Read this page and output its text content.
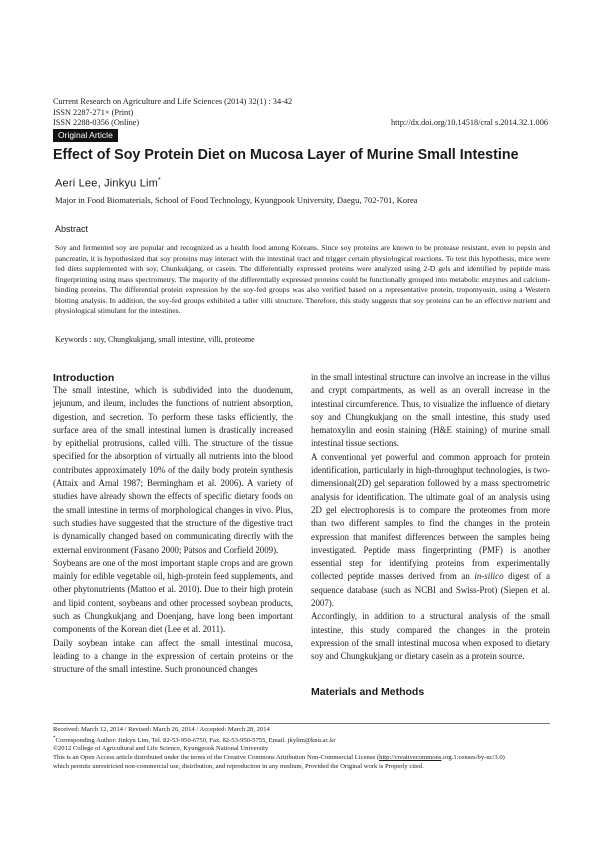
Current Research on Agriculture and Life Sciences (2014) 32(1) : 34-42
ISSN 2287-271× (Print)
ISSN 2288-0356 (Online)	http://dx.doi.org/10.14518/cral s.2014.32.1.006
Original Article
Effect of Soy Protein Diet on Mucosa Layer of Murine Small Intestine
Aeri Lee, Jinkyu Lim*
Major in Food Biomaterials, School of Food Technology, Kyungpook University, Daegu, 702-701, Korea
Abstract
Soy and fermented soy are popular and recognized as a health food among Koreans. Since soy proteins are known to be protease resistant, even to pepsin and pancreatin, it is hypothesized that soy proteins may interact with the intestinal tract and trigger certain physiological reactions. To test this hypothesis, mice were fed diets supplemented with soy, Chunkukjang, or casein. The differentially expressed proteins were analyzed using 2-D gels and identified by peptide mass fingerprinting using mass spectrometry. The majority of the differentially expressed proteins could be functionally grouped into metabolic enzymes and calcium-binding proteins. The differential protein expression by the soy-fed groups was also verified based on a representative protein, tropomyosin, using a Western blotting analysis. In addition, the soy-fed groups exhibited a taller villi structure. Therefore, this study suggests that soy proteins can be an effective nutrient and physiological stimulant for the intestines.
Keywords : soy, Chungkukjang, small intestine, villi, proteome
Introduction

The small intestine, which is subdivided into the duodenum, jejunum, and ileum, includes the functions of nutrient absorption, digestion, and secretion. To perform these tasks efficiently, the surface area of the small intestinal lumen is drastically increased by epithelial protrusions, called villi. The structure of the tissue specified for the absorption of virtually all nutrients into the blood contributes approximately 10% of the daily body protein synthesis (Attaix and Arnal 1987; Bermingham et al. 2006). A variety of studies have already shown the effects of specific dietary foods on the small intestine in terms of morphological changes in vivo. Plus, such studies have suggested that the structure of the digestive tract is dynamically changed based on communicating directly with the external environment (Fasano 2000; Patsos and Corfield 2009).

Soybeans are one of the most important staple crops and are grown mainly for edible vegetable oil, high-protein feed supplements, and other phytonutrients (Mattoo et al. 2010). Due to their high protein and lipid content, soybeans and other processed soybean products, such as Chungkukjang and Doenjang, have long been important components of the Korean diet (Lee et al. 2011).

Daily soybean intake can affect the small intestinal mucosa, leading to a change in the expression of certain proteins or the structure of the small intestine. Such pronounced changes

in the small intestinal structure can involve an increase in the villus and crypt compartments, as well as an overall increase in the intestinal circumference. Thus, to visualize the influence of dietary soy and Chungkukjang on the small intestine, this study used hematoxylin and eosin staining (H&E staining) of murine small intestinal tissue sections.

A conventional yet powerful and common approach for protein identification, particularly in high-throughput technologies, is two-dimensional(2D) gel separation followed by a mass spectrometric analysis for identification. The ultimate goal of an analysis using 2D gel electrophoresis is to compare the proteomes from more than two different samples to find the changes in the protein expression that manifest differences between the samples being investigated. Peptide mass fingerprinting (PMF) is another essential step for identifying proteins from experimentally collected peptide masses derived from an in-silico digest of a sequence database (such as NCBI and Swiss-Prot) (Siepen et al. 2007).

Accordingly, in addition to a structural analysis of the small intestine, this study compared the changes in the protein expression of the small intestinal mucosa when exposed to dietary soy and Chungkukjang or dietary casein as a protein source.

Materials and Methods
Received: March 12, 2014 / Revised: March 26, 2014 / Accepted: March 28, 2014
*Corresponding Author: Jinkyu Lim, Tel. 82-53-950-6750, Fax. 82-53-950-5755, Email. jkylim@knu.ac.kr
©2012 College of Agricultural and Life Science, Kyungpook National University
This is an Open Access article distributed under the terms of the Creative Commons Attribution Non-Commercial License (http://creativecommons.org.1:censes/by-nc/3.0)
which permits unrestricted non-commercial use, distribution, and reproduction in any medium, Provided the Original work is Properly cited.
